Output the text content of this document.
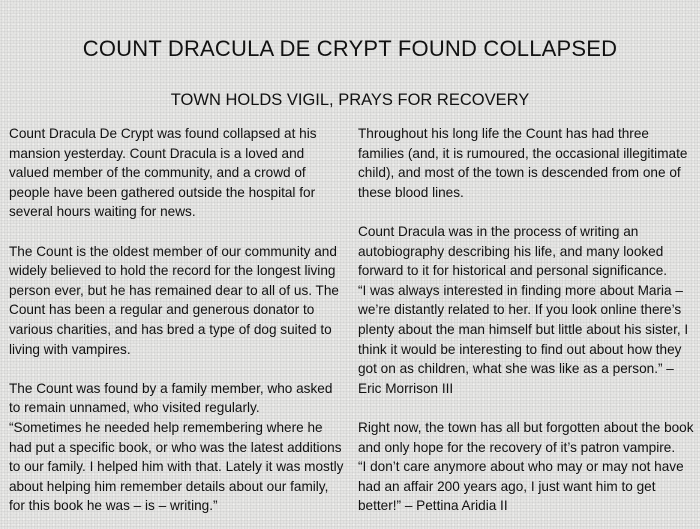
COUNT DRACULA DE CRYPT FOUND COLLAPSED
TOWN HOLDS VIGIL, PRAYS FOR RECOVERY

Count Dracula De Crypt was found collapsed at his mansion yesterday. Count Dracula is a loved and valued member of the community, and a crowd of people have been gathered outside the hospital for several hours waiting for news.

The Count is the oldest member of our community and widely believed to hold the record for the longest living person ever, but he has remained dear to all of us. The Count has been a regular and generous donator to various charities, and has bred a type of dog suited to living with vampires.

The Count was found by a family member, who asked to remain unnamed, who visited regularly.

“Sometimes he needed help remembering where he had put a specific book, or who was the latest additions to our family. I helped him with that. Lately it was mostly about helping him remember details about our family, for this book he was – is – writing.”

Throughout his long life the Count has had three families (and, it is rumoured, the occasional illegitimate child), and most of the town is descended from one of these blood lines.

Count Dracula was in the process of writing an autobiography describing his life, and many looked forward to it for historical and personal significance.

“I was always interested in finding more about Maria – we’re distantly related to her. If you look online there’s plenty about the man himself but little about his sister, I think it would be interesting to find out about how they got on as children, what she was like as a person.” – Eric Morrison III

Right now, the town has all but forgotten about the book and only hope for the recovery of it’s patron vampire.

“I don’t care anymore about who may or may not have had an affair 200 years ago, I just want him to get better!” – Pettina Aridia II
